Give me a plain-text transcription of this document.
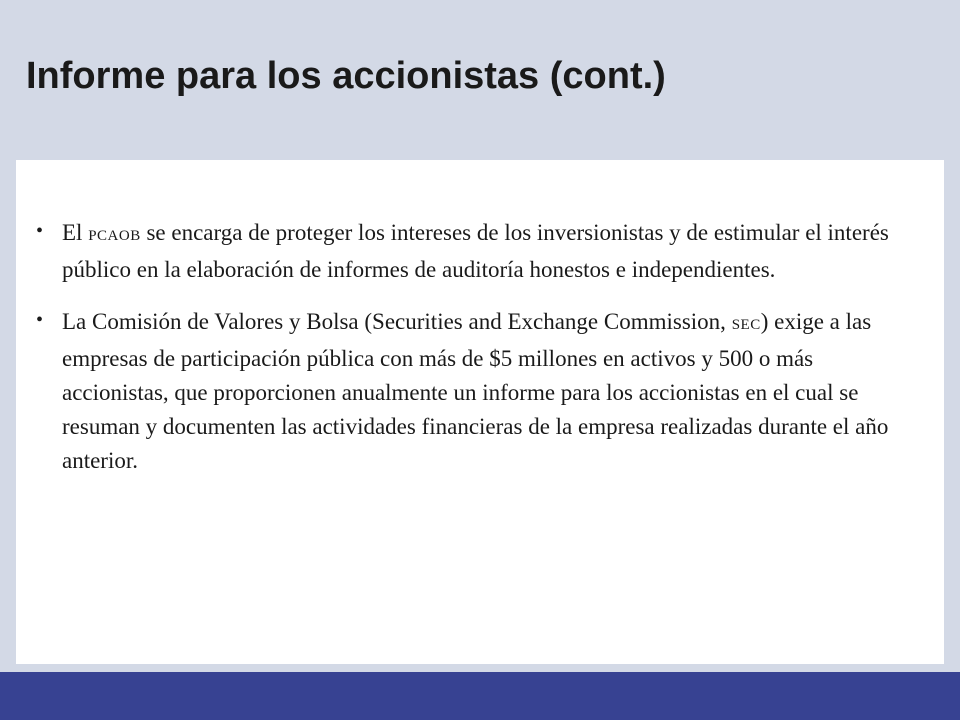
Informe para los accionistas (cont.)
• El PCAOB se encarga de proteger los intereses de los inversionistas y de estimular el interés público en la elaboración de informes de auditoría honestos e independientes.
• La Comisión de Valores y Bolsa (Securities and Exchange Commission, SEC) exige a las empresas de participación pública con más de $5 millones en activos y 500 o más accionistas, que proporcionen anualmente un informe para los accionistas en el cual se resuman y documenten las actividades financieras de la empresa realizadas durante el año anterior.
